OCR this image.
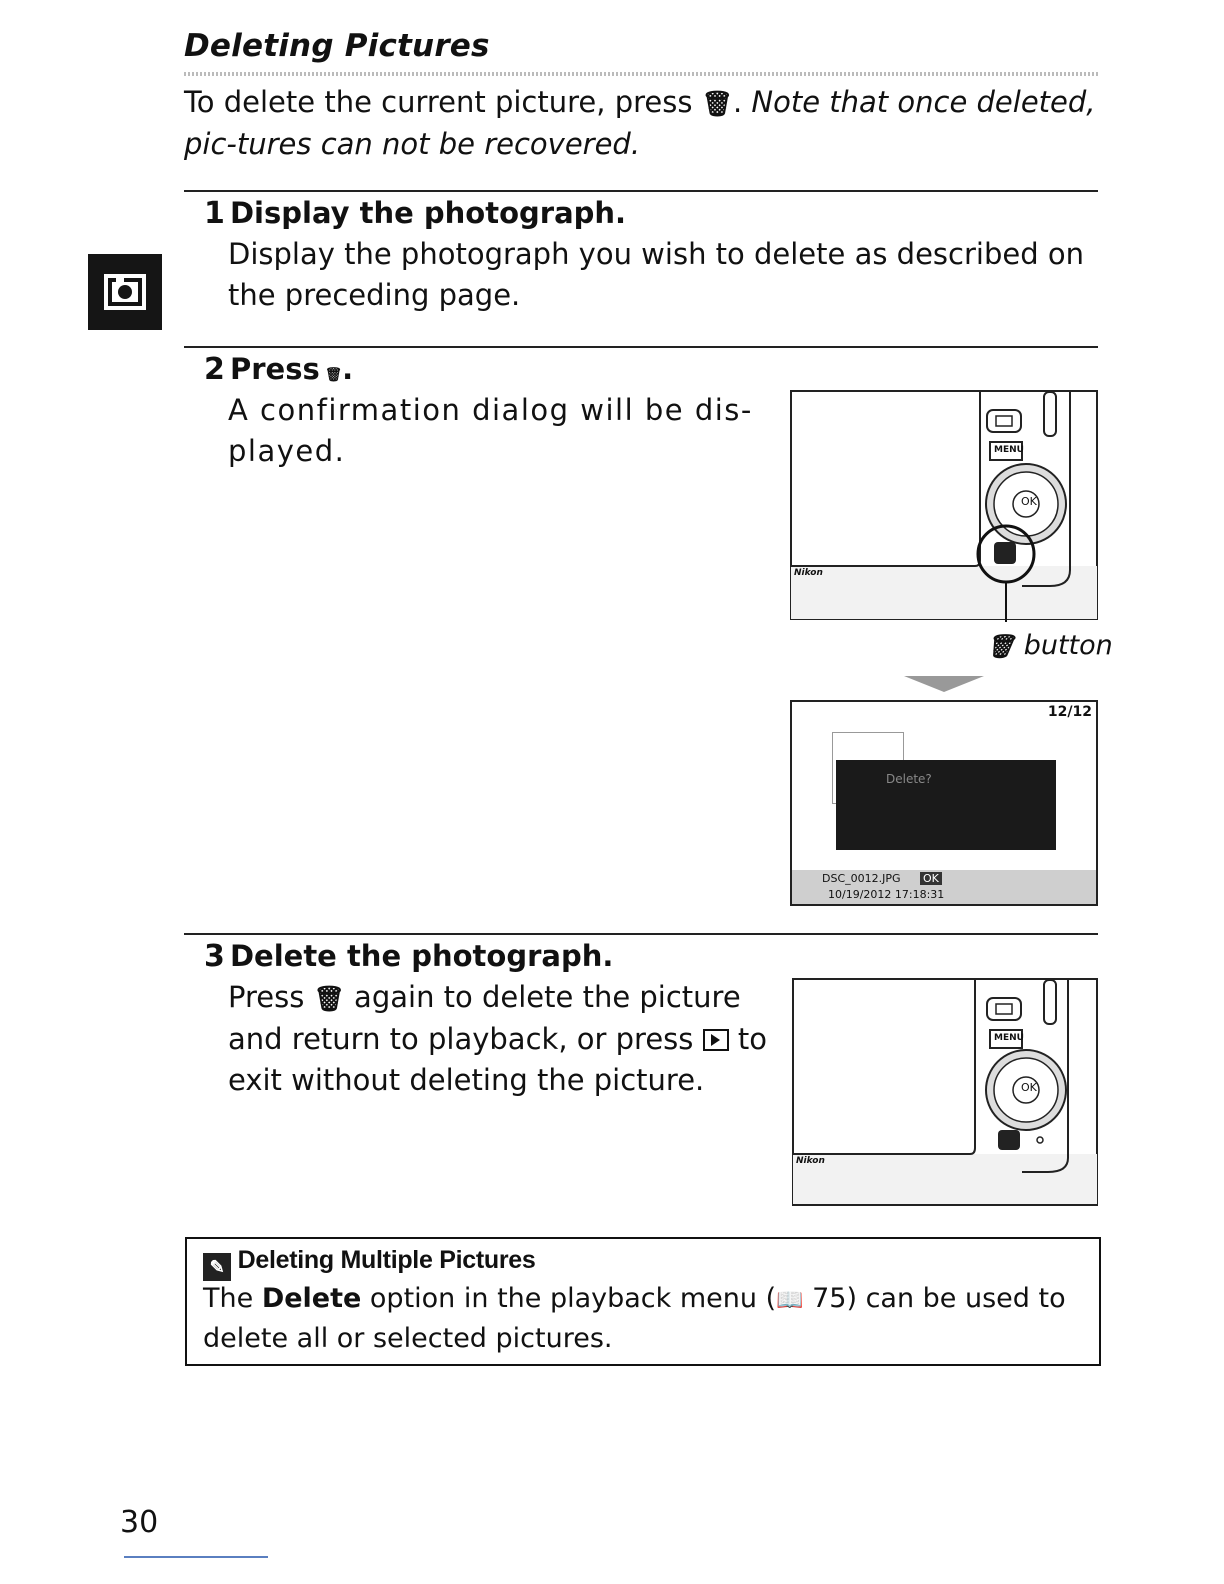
Deleting Pictures
To delete the current picture, press 🗑. Note that once deleted, pic-tures can not be recovered.
1 Display the photograph.
Display the photograph you wish to delete as described on the preceding page.
2 Press 🗑.
A confirmation dialog will be dis-played.
OK
MENU
Nikon
🗑 button
12/12
Delete?
DSC_0012.JPG OK
10/19/2012 17:18:31
3 Delete the photograph.
Press 🗑 again to delete the picture and return to playback, or press
to exit without deleting the picture.	OK
MENU
Nikon
✎ Deleting Multiple Pictures
The Delete option in the playback menu (📖 75) can be used to delete all or selected pictures.
30
